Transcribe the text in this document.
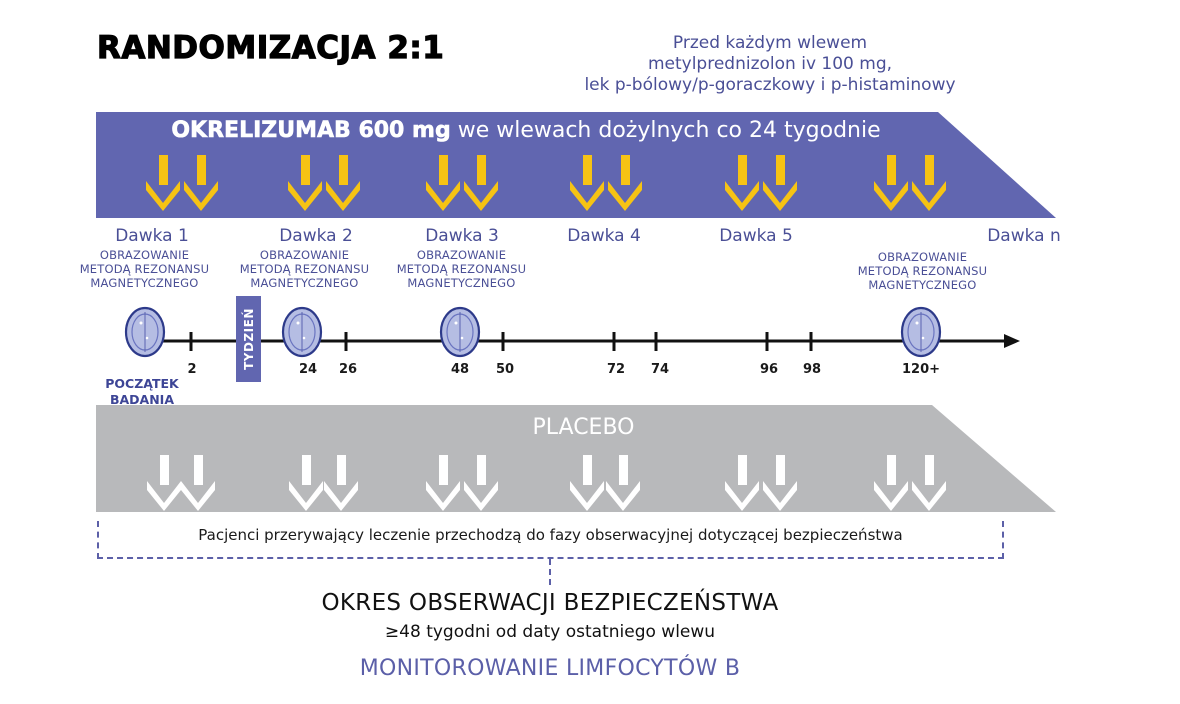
RANDOMIZACJA 2:1	Przed każdym wlewem
metylprednizolon iv 100 mg,
lek p-bólowy/p-goraczkowy i p-histaminowy
OKRELIZUMAB 600 mg we wlewach dożylnych co 24 tygodnie
Dawka 1	Dawka 2	Dawka 3	Dawka 4	Dawka 5	Dawka n
OBRAZOWANIE
METODĄ REZONANSU
MAGNETYCZNEGO
OBRAZOWANIE
METODĄ REZONANSU
MAGNETYCZNEGO
OBRAZOWANIE
METODĄ REZONANSU
MAGNETYCZNEGO
OBRAZOWANIE
METODĄ REZONANSU
MAGNETYCZNEGO
TYDZIEŃ
2	24	26	48	50	72	74	96	98	120+
POCZĄTEK
BADANIA
PLACEBO
Pacjenci przerywający leczenie przechodzą do fazy obserwacyjnej dotyczącej bezpieczeństwa
OKRES OBSERWACJI BEZPIECZEŃSTWA
≥48 tygodni od daty ostatniego wlewu
MONITOROWANIE LIMFOCYTÓW B
